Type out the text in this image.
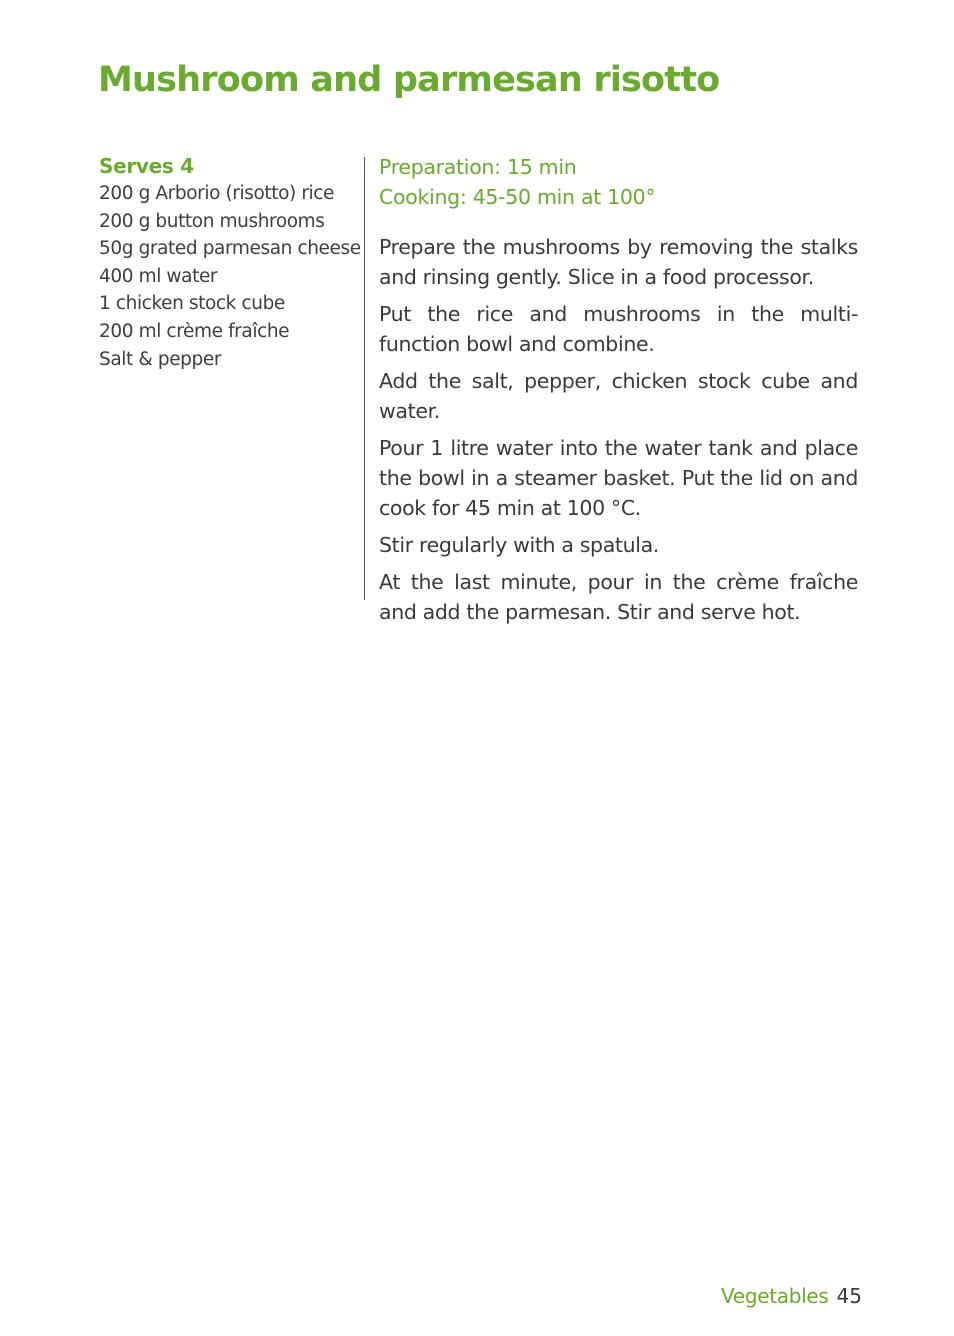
Mushroom and parmesan risotto
Serves 4
200 g Arborio (risotto) rice
200 g button mushrooms
50g grated parmesan cheese
400 ml water
1 chicken stock cube
200 ml crème fraîche
Salt & pepper
Preparation: 15 min
Cooking: 45-50 min at 100°

Prepare the mushrooms by removing the stalks and rinsing gently. Slice in a food processor.

Put the rice and mushrooms in the multi-function bowl and combine.

Add the salt, pepper, chicken stock cube and water.

Pour 1 litre water into the water tank and place the bowl in a steamer basket. Put the lid on and cook for 45 min at 100 °C.

Stir regularly with a spatula.

At the last minute, pour in the crème fraîche and add the parmesan. Stir and serve hot.

Vegetables 45
